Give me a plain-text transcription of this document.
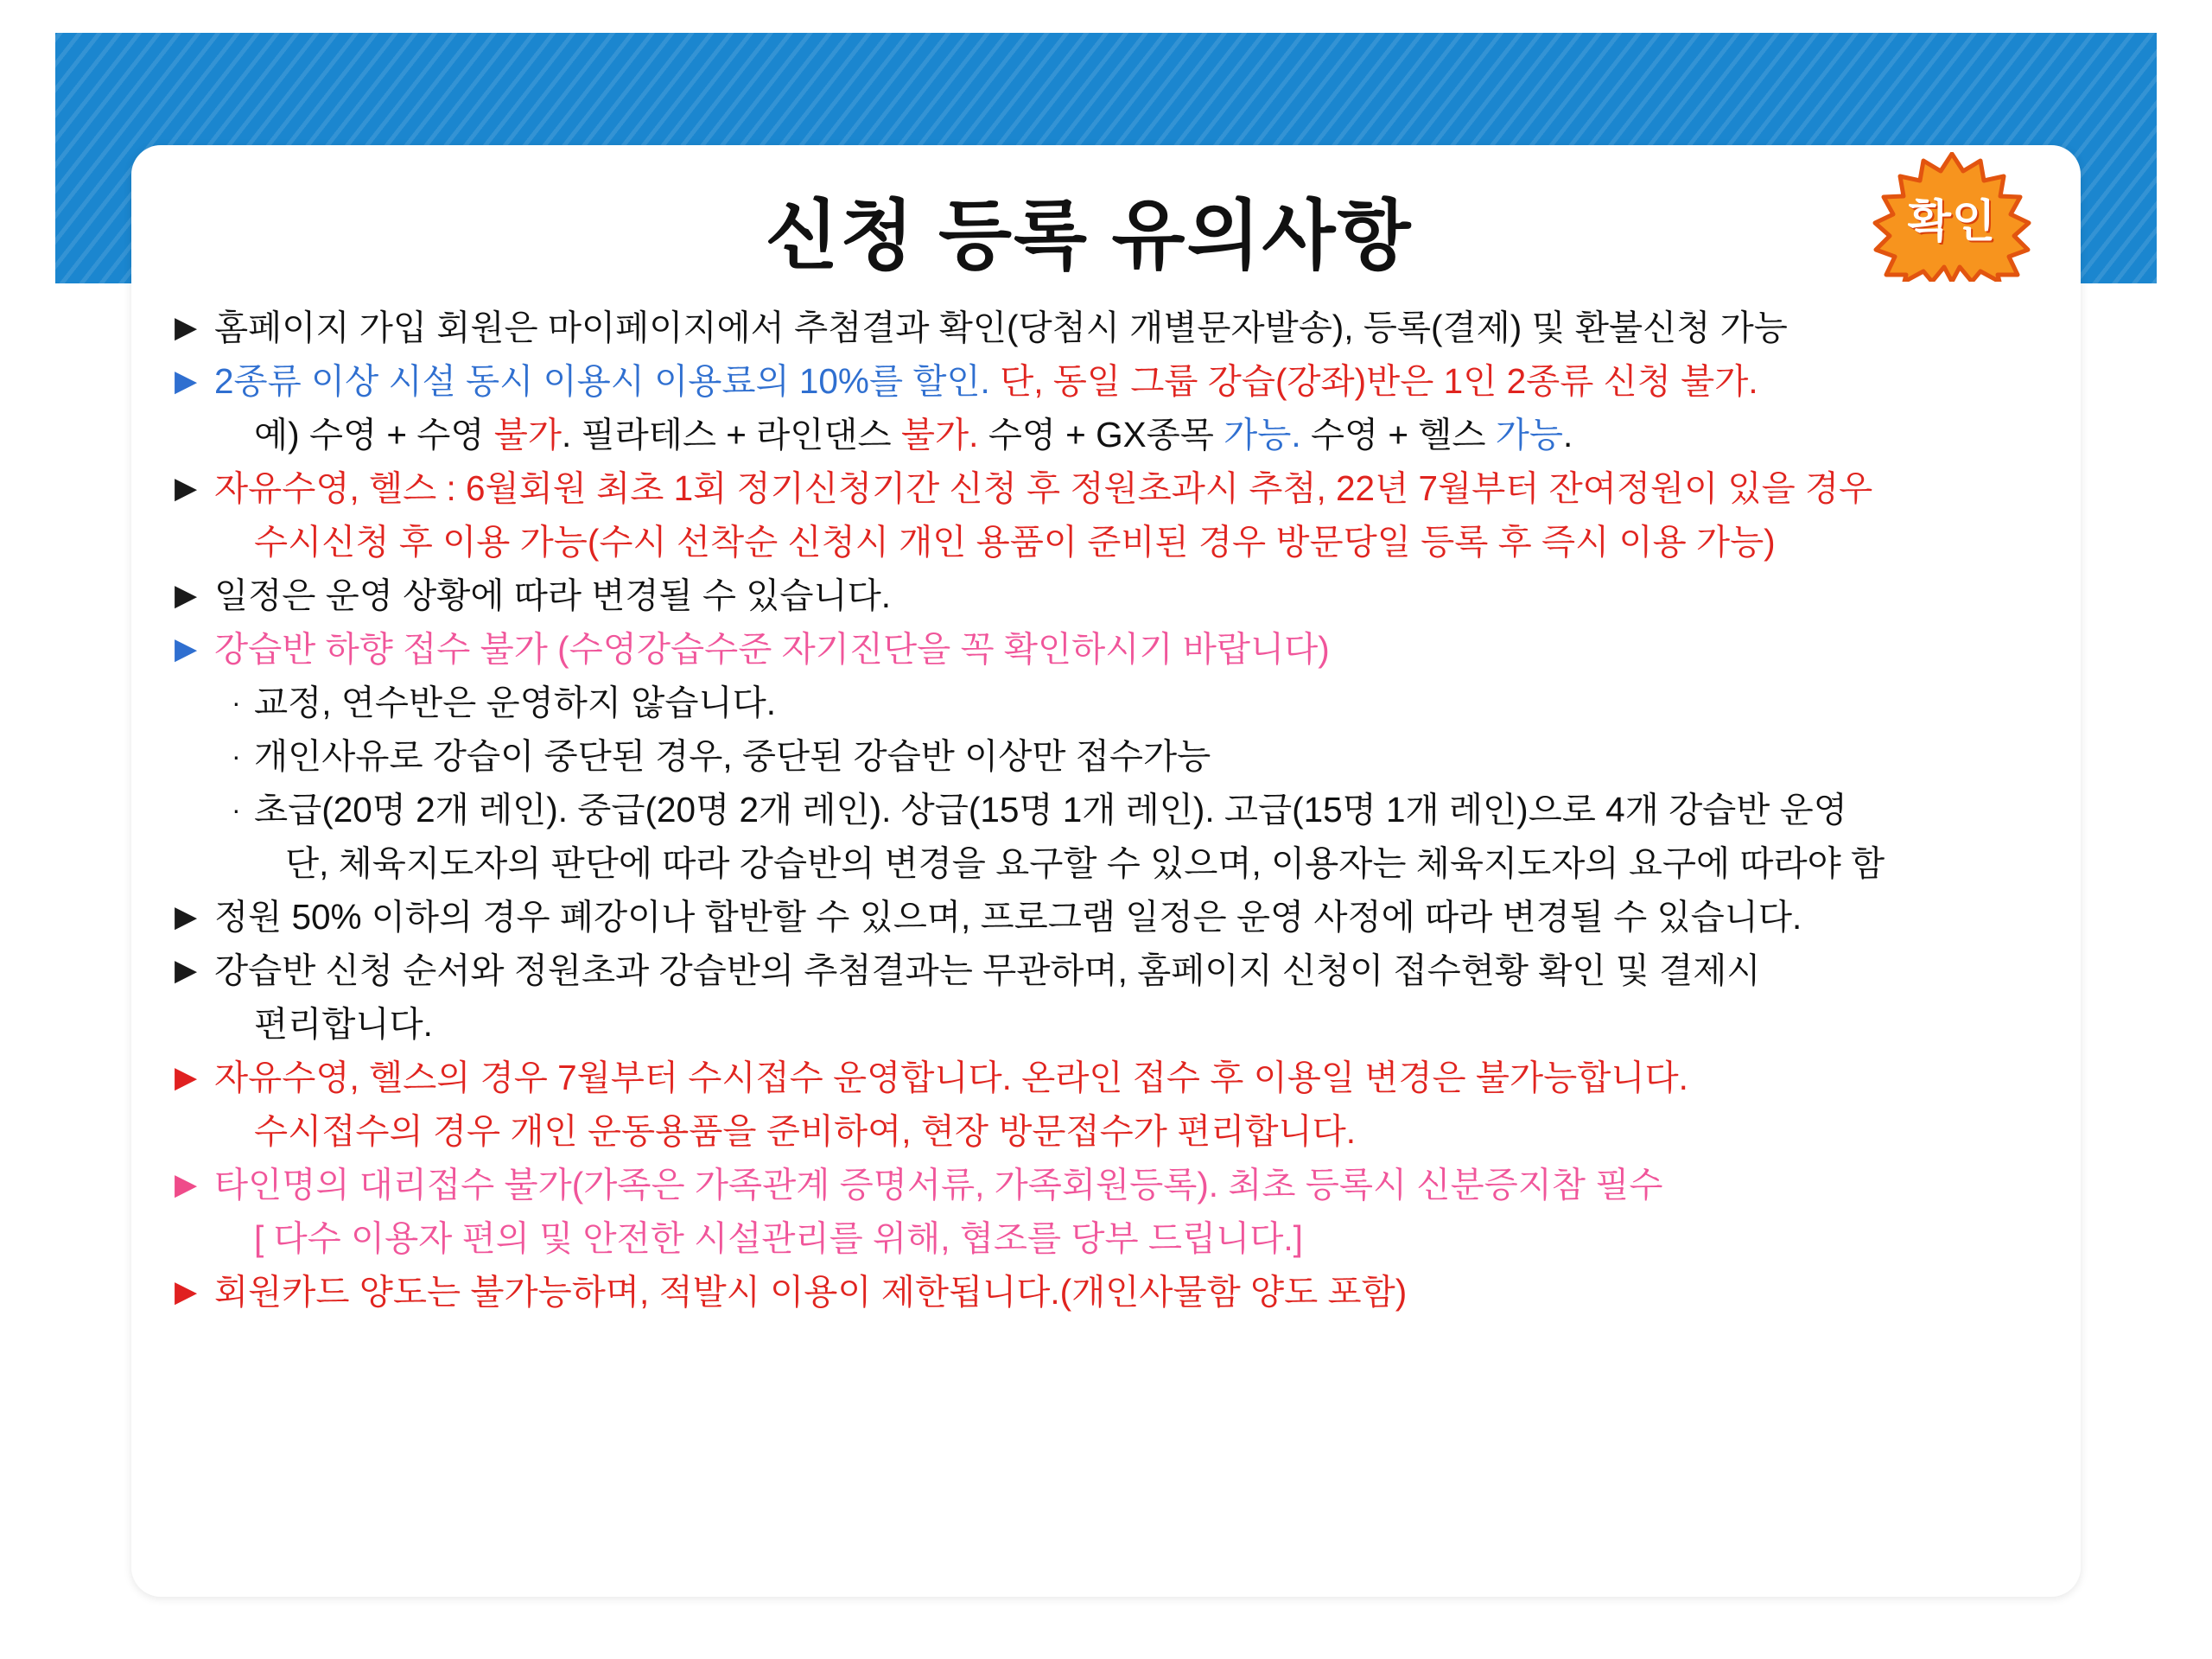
신청 등록 유의사항	확인
▶ 홈페이지 가입 회원은 마이페이지에서 추첨결과 확인(당첨시 개별문자발송), 등록(결제) 및 환불신청 가능
▶ 2종류 이상 시설 동시 이용시 이용료의 10%를 할인. 단, 동일 그룹 강습(강좌)반은 1인 2종류 신청 불가.
예) 수영 + 수영 불가. 필라테스 + 라인댄스 불가. 수영 + GX종목 가능. 수영 + 헬스 가능.
▶ 자유수영, 헬스 : 6월회원 최초 1회 정기신청기간 신청 후 정원초과시 추첨, 22년 7월부터 잔여정원이 있을 경우
수시신청 후 이용 가능(수시 선착순 신청시 개인 용품이 준비된 경우 방문당일 등록 후 즉시 이용 가능)
▶ 일정은 운영 상황에 따라 변경될 수 있습니다.
▶ 강습반 하향 접수 불가 (수영강습수준 자기진단을 꼭 확인하시기 바랍니다)
· 교정, 연수반은 운영하지 않습니다.
· 개인사유로 강습이 중단된 경우, 중단된 강습반 이상만 접수가능
· 초급(20명 2개 레인). 중급(20명 2개 레인). 상급(15명 1개 레인). 고급(15명 1개 레인)으로 4개 강습반 운영
단, 체육지도자의 판단에 따라 강습반의 변경을 요구할 수 있으며, 이용자는 체육지도자의 요구에 따라야 함
▶ 정원 50% 이하의 경우 폐강이나 합반할 수 있으며, 프로그램 일정은 운영 사정에 따라 변경될 수 있습니다.
▶ 강습반 신청 순서와 정원초과 강습반의 추첨결과는 무관하며, 홈페이지 신청이 접수현황 확인 및 결제시
편리합니다.
▶ 자유수영, 헬스의 경우 7월부터 수시접수 운영합니다. 온라인 접수 후 이용일 변경은 불가능합니다.
수시접수의 경우 개인 운동용품을 준비하여, 현장 방문접수가 편리합니다.
▶ 타인명의 대리접수 불가(가족은 가족관계 증명서류, 가족회원등록). 최초 등록시 신분증지참 필수
[ 다수 이용자 편의 및 안전한 시설관리를 위해, 협조를 당부 드립니다.]
▶ 회원카드 양도는 불가능하며, 적발시 이용이 제한됩니다.(개인사물함 양도 포함)
